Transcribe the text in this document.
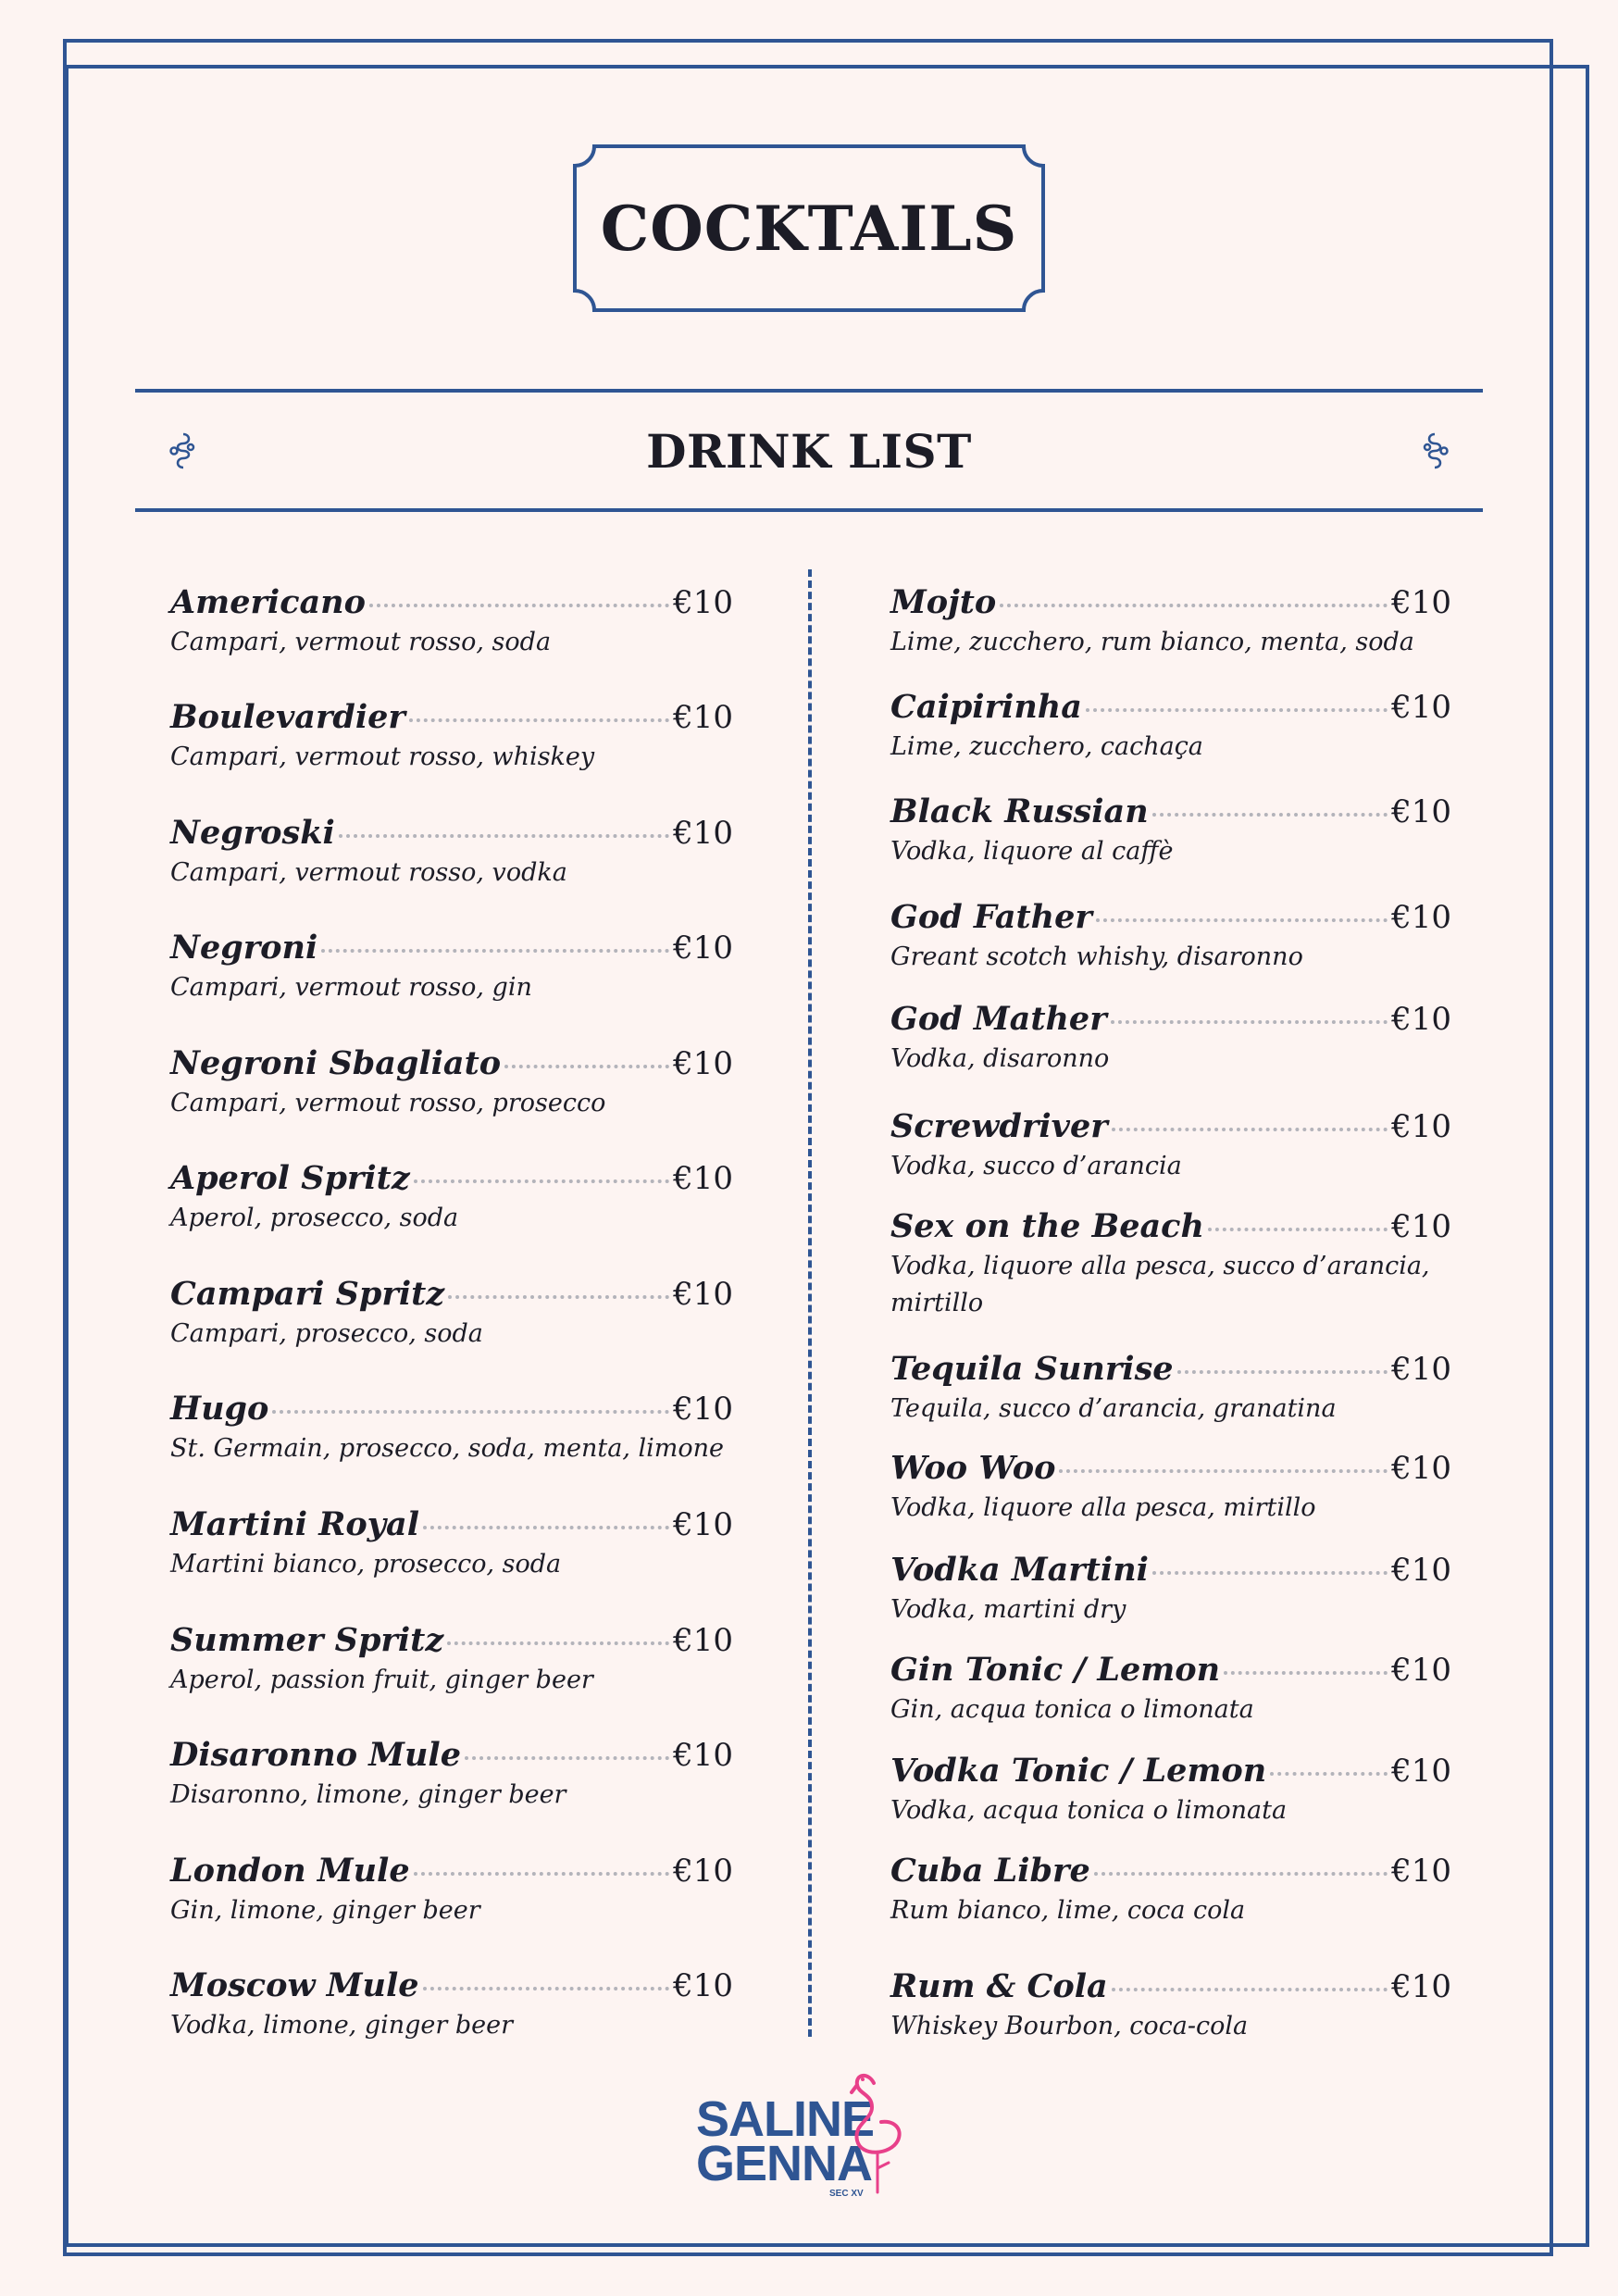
COCKTAILS
DRINK LIST
Americano	€10
Campari, vermout rosso, soda
Boulevardier	€10
Campari, vermout rosso, whiskey
Negroski	€10
Campari, vermout rosso, vodka
Negroni	€10
Campari, vermout rosso, gin
Negroni Sbagliato	€10
Campari, vermout rosso, prosecco
Aperol Spritz	€10
Aperol, prosecco, soda
Campari Spritz	€10
Campari, prosecco, soda
Hugo	€10
St. Germain, prosecco, soda, menta, limone
Martini Royal	€10
Martini bianco, prosecco, soda
Summer Spritz	€10
Aperol, passion fruit, ginger beer
Disaronno Mule	€10
Disaronno, limone, ginger beer
London Mule	€10
Gin, limone, ginger beer
Moscow Mule	€10
Vodka, limone, ginger beer
Mojto	€10
Lime, zucchero, rum bianco, menta, soda
Caipirinha	€10
Lime, zucchero, cachaça
Black Russian	€10
Vodka, liquore al caffè
God Father	€10
Greant scotch whishy, disaronno
God Mather	€10
Vodka, disaronno
Screwdriver	€10
Vodka, succo d’arancia
Sex on the Beach	€10
Vodka, liquore alla pesca, succo d’arancia, mirtillo
Tequila Sunrise	€10
Tequila, succo d’arancia, granatina
Woo Woo	€10
Vodka, liquore alla pesca, mirtillo
Vodka Martini	€10
Vodka, martini dry
Gin Tonic / Lemon	€10
Gin, acqua tonica o limonata
Vodka Tonic / Lemon	€10
Vodka, acqua tonica o limonata
Cuba Libre	€10
Rum bianco, lime, coca cola
Rum & Cola	€10
Whiskey Bourbon, coca-cola
SALINE
GENNA
SEC XV
